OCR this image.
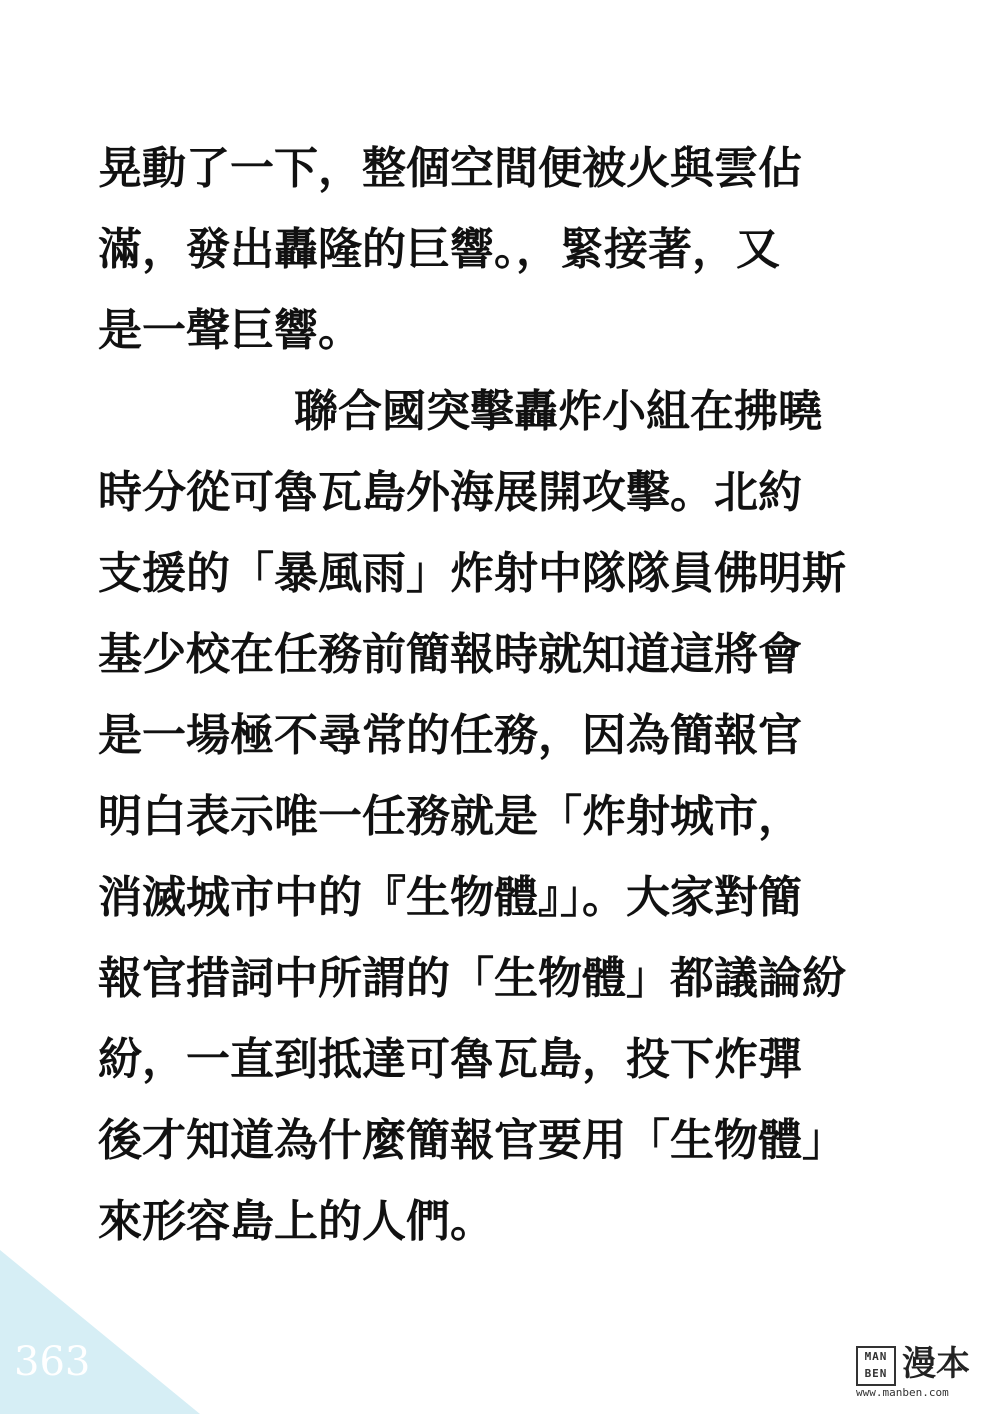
晃動了一下，整個空間便被火與雲佔
滿，發出轟隆的巨響。，緊接著，又
是一聲巨響。
聯合國突擊轟炸小組在拂曉
時分從可魯瓦島外海展開攻擊。北約
支援的「暴風雨」炸射中隊隊員佛明斯
基少校在任務前簡報時就知道這將會
是一場極不尋常的任務，因為簡報官
明白表示唯一任務就是「炸射城市，
消滅城市中的『生物體』」。大家對簡
報官措詞中所謂的「生物體」都議論紛
紛，一直到抵達可魯瓦島，投下炸彈
後才知道為什麼簡報官要用「生物體」
來形容島上的人們。
363	MAN
BEN 漫本
www.manben.com
